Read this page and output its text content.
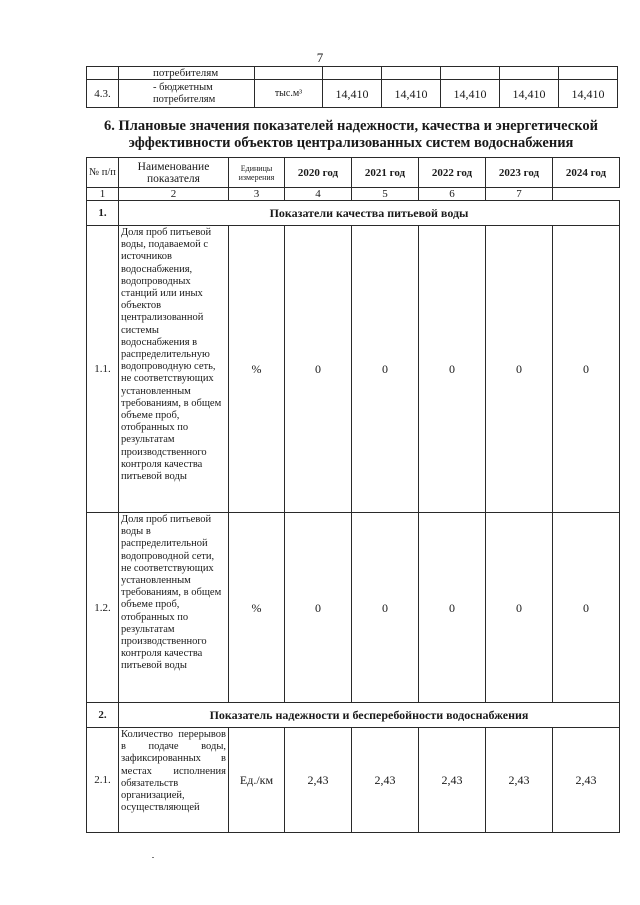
7
	потребителям						
4.3.	- бюджетным потребителям	тыс.м³	14,410	14,410	14,410	14,410	14,410
6. Плановые значения показателей надежности, качества и энергетической эффективности объектов централизованных систем водоснабжения
№ п/п	Наименование показателя	Единицы измерения	2020 год	2021 год	2022 год	2023 год	2024 год
1	2	3	4	5	6	7	
1.	Показатели качества питьевой воды						
1.1.	Доля проб питьевой воды, подаваемой с источников водоснабжения, водопроводных станций или иных объектов централизованной системы водоснабжения в распределительную водопроводную сеть, не соответствующих установленным требованиям, в общем объеме проб, отобранных по результатам производственного контроля качества питьевой воды	%	0	0	0	0	0
1.2.	Доля проб питьевой воды в распределительной водопроводной сети, не соответствующих установленным требованиям, в общем объеме проб, отобранных по результатам производственного контроля качества питьевой воды	%	0	0	0	0	0
2.	Показатель надежности и бесперебойности водоснабжения						
2.1.	Количество перерывов в подаче воды, зафиксированных в местах исполнения обязательств организацией, осуществляющей	Ед./км	2,43	2,43	2,43	2,43	2,43
